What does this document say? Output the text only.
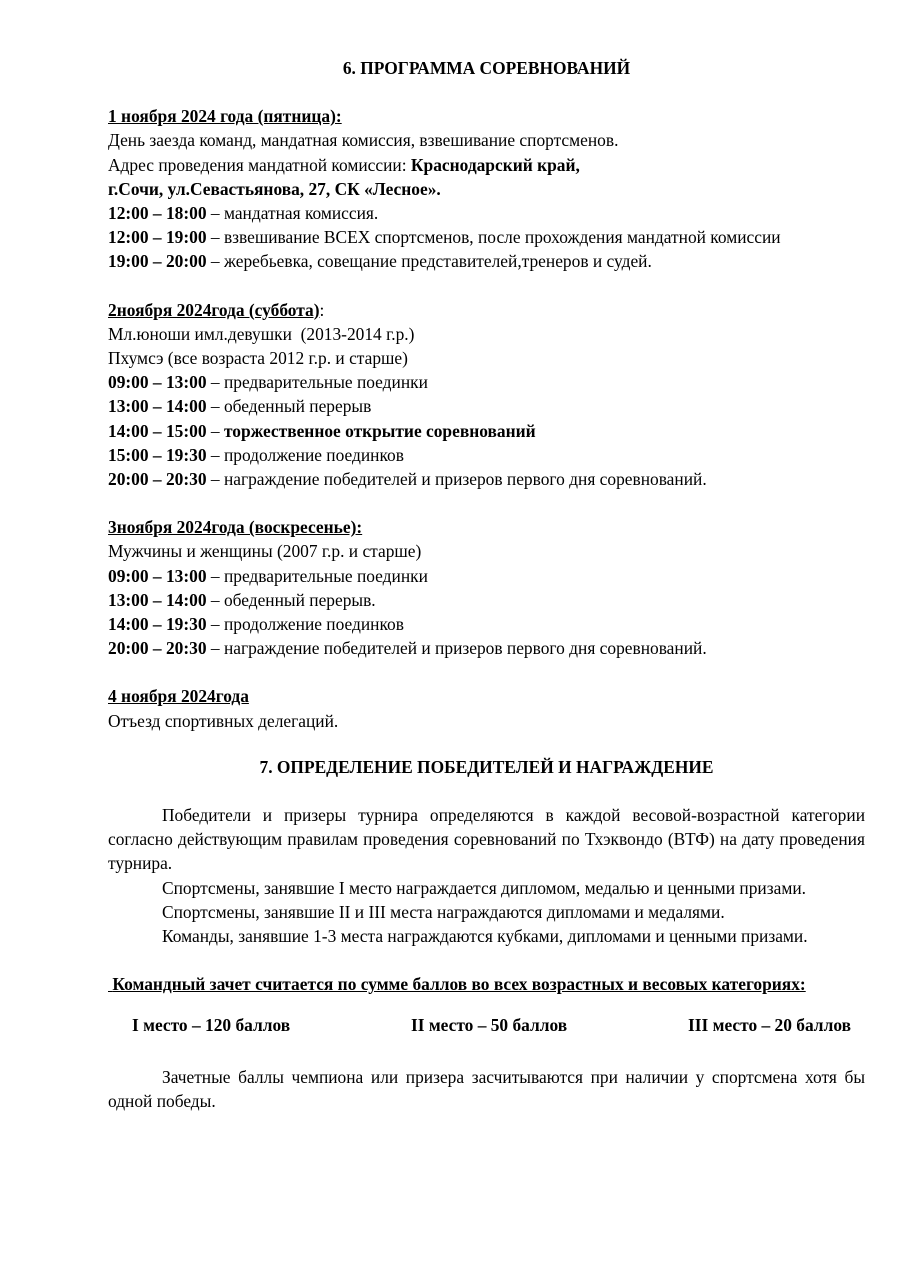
6. ПРОГРАММА СОРЕВНОВАНИЙ

1 ноября 2024 года (пятница):

День заезда команд, мандатная комиссия, взвешивание спортсменов.

Адрес проведения мандатной комиссии: Краснодарский край,

г.Сочи, ул.Севастьянова, 27, СК «Лесное».

12:00 – 18:00 – мандатная комиссия.

12:00 – 19:00 – взвешивание ВСЕХ спортсменов, после прохождения мандатной комиссии

19:00 – 20:00 – жеребьевка, совещание представителей,тренеров и судей.

2ноября 2024года (суббота):

Мл.юноши имл.девушки  (2013-2014 г.р.)

Пхумсэ (все возраста 2012 г.р. и старше)

09:00 – 13:00 – предварительные поединки

13:00 – 14:00 – обеденный перерыв

14:00 – 15:00 – торжественное открытие соревнований

15:00 – 19:30 – продолжение поединков

20:00 – 20:30 – награждение победителей и призеров первого дня соревнований.

3ноября 2024года (воскресенье):

Мужчины и женщины (2007 г.р. и старше)

09:00 – 13:00 – предварительные поединки

13:00 – 14:00 – обеденный перерыв.

14:00 – 19:30 – продолжение поединков

20:00 – 20:30 – награждение победителей и призеров первого дня соревнований.

4 ноября 2024года

Отъезд спортивных делегаций.

7. ОПРЕДЕЛЕНИЕ ПОБЕДИТЕЛЕЙ И НАГРАЖДЕНИЕ

Победители и призеры турнира определяются в каждой весовой-возрастной категории согласно действующим правилам проведения соревнований по Тхэквондо (ВТФ) на дату проведения турнира.

Спортсмены, занявшие I место награждается дипломом, медалью и ценными призами.

Спортсмены, занявшие II и III места награждаются дипломами и медалями.

Команды, занявшие 1-3 места награждаются кубками, дипломами и ценными призами.

Командный зачет считается по сумме баллов во всех возрастных и весовых категориях:

I место – 120 баллов	II место – 50 баллов	III место – 20 баллов

Зачетные баллы чемпиона или призера засчитываются при наличии у спортсмена хотя бы одной победы.
